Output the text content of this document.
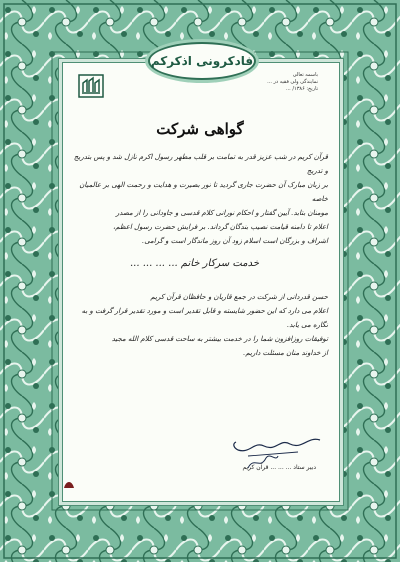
فادکرونی اذکرکم
باسمه تعالی
نمایندگی ولی فقیه در ...
تاریخ: ۱۳۸۶/ ...
گواهی شرکت

قرآن کریم در شب عزیز قدر به تمامت بر قلب مطهر رسول اکرم نازل شد و پس بتدریج و تدریج

بر زبان مبارک آن حضرت جاری گردید تا نور بصیرت و هدایت و رحمت الهی بر عالمیان خاصه

مومنان بتابد. آیین گفتار و احکام نورانی کلام قدسی و جاودانی را از مصدر

اعلام تا دامنه قیامت نصیب بندگان گرداند. بر فرایش حضرت رسول اعظم،

اشراف و بزرگان است اسلام زود آن روز ماندگار است و گرامی.

خدمت سرکار خانم ... ... ... ...

حسن قدردانی از شرکت در جمع قاریان و حافظان قرآن کریم

اعلام می دارد که این حضور شایسته و قابل تقدیر است و مورد تقدیر قرار گرفت و به نگاره می یابد.

توفیقات روزافزون شما را در خدمت بیشتر به ساحت قدسی کلام الله مجید

از خداوند منان مسئلت داریم.

دبیر ستاد ... ... ... قرآن کریم
